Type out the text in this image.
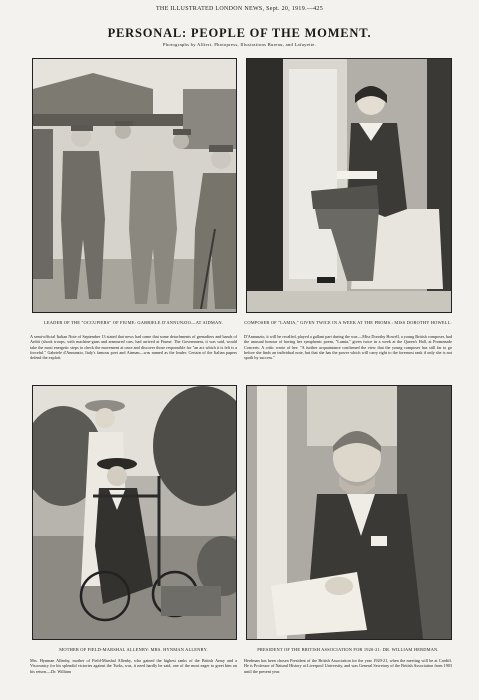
THE ILLUSTRATED LONDON NEWS, Sept. 20, 1919.—425
PERSONAL: PEOPLE OF THE MOMENT.
Photographs by Alfieri, Photopress, Illustrations Bureau, and Lafayette.
LEADER OF THE "OCCUPIERS" OF FIUME: GABRIELE D'ANNUNZIO—AT AIDMAN.	COMPOSER OF "LAMIA," GIVEN TWICE IN A WEEK AT THE PROMS.: MISS DOROTHY HOWELL.
A semi-official Italian Note of September 13 stated that news had come that some detachments of grenadiers and bands of Arditi (shock troops, with machine-guns and armoured cars, had arrived at Fiume. The Government, it was said, would take the most energetic steps to check the movement at once and discover those responsible for "an act which it is felt is a forceful." Gabriele d'Annunzio, Italy's famous poet and Airman—was named as the leader. Certain of the Italian papers defend the exploit.
D'Annunzio, it will be recalled, played a gallant part during the war.—Miss Dorothy Howell, a young British composer, had the unusual honour of having her symphonic poem, "Lamia," given twice in a week at the Queen's Hall, at Promenade Concerts. A critic wrote of her: "A further acquaintance confirmed the view that the young composer has still far to go before she finds an individual note, but that she has the power which will carry right to the foremost rank if only she is not spoilt by success."
MOTHER OF FIELD-MARSHAL ALLENBY: MRS. HYNMAN ALLENBY.	PRESIDENT OF THE BRITISH ASSOCIATION FOR 1920-21: DR. WILLIAM HERDMAN.
Mrs. Hynman Allenby, mother of Field-Marshal Allenby, who gained the highest ranks of the British Army and a Viscountcy for his splendid victories against the Turks, was, it need hardly be said, one of the most eager to greet him on his return.—Dr. William
Herdman has been chosen President of the British Association for the year 1920-21, when the meeting will be at Cardiff. He is Professor of Natural History at Liverpool University, and was General Secretary of the British Association from 1903 until the present year.
